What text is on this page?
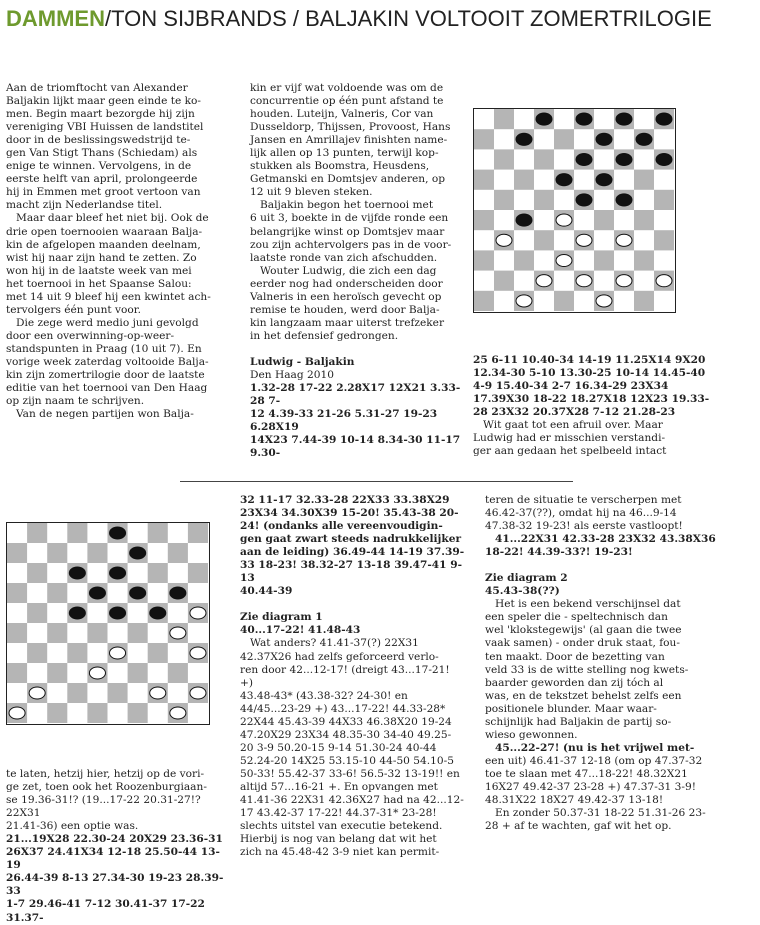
DAMMEN/TON SIJBRANDS / BALJAKIN VOLTOOIT ZOMERTRILOGIE

Aan de triomftocht van Alexander
Baljakin lijkt maar geen einde te ko-
men. Begin maart bezorgde hij zijn
vereniging VBI Huissen de landstitel
door in de beslissingswedstrijd te-
gen Van Stigt Thans (Schiedam) als
enige te winnen. Vervolgens, in de
eerste helft van april, prolongeerde
hij in Emmen met groot vertoon van
macht zijn Nederlandse titel.

Maar daar bleef het niet bij. Ook de
drie open toernooien waaraan Balja-
kin de afgelopen maanden deelnam,
wist hij naar zijn hand te zetten. Zo
won hij in de laatste week van mei
het toernooi in het Spaanse Salou:
met 14 uit 9 bleef hij een kwintet ach-
tervolgers één punt voor.

Die zege werd medio juni gevolgd
door een overwinning-op-weer-
standspunten in Praag (10 uit 7). En
vorige week zaterdag voltooide Balja-
kin zijn zomertrilogie door de laatste
editie van het toernooi van Den Haag
op zijn naam te schrijven.

Van de negen partijen won Balja-

kin er vijf wat voldoende was om de
concurrentie op één punt afstand te
houden. Luteijn, Valneris, Cor van
Dusseldorp, Thijssen, Provoost, Hans
Jansen en Amrillajev finishten name-
lijk allen op 13 punten, terwijl kop-
stukken als Boomstra, Heusdens,
Getmanski en Domtsjev anderen, op
12 uit 9 bleven steken.

Baljakin begon het toernooi met
6 uit 3, boekte in de vijfde ronde een
belangrijke winst op Domtsjev maar
zou zijn achtervolgers pas in de voor-
laatste ronde van zich afschudden.

Wouter Ludwig, die zich een dag
eerder nog had onderscheiden door
Valneris in een heroïsch gevecht op
remise te houden, werd door Balja-
kin langzaam maar uiterst trefzeker
in het defensief gedrongen.

Ludwig - Baljakin

Den Haag 2010

1.32-28 17-22 2.28X17 12X21 3.33-28 7-
12 4.39-33 21-26 5.31-27 19-23 6.28X19
14X23 7.44-39 10-14 8.34-30 11-17 9.30-

25 6-11 10.40-34 14-19 11.25X14 9X20
12.34-30 5-10 13.30-25 10-14 14.45-40
4-9 15.40-34 2-7 16.34-29 23X34
17.39X30 18-22 18.27X18 12X23 19.33-
28 23X32 20.37X28 7-12 21.28-23

Wit gaat tot een afruil over. Maar
Ludwig had er misschien verstandi-
ger aan gedaan het spelbeeld intact

te laten, hetzij hier, hetzij op de vori-
ge zet, toen ook het Roozenburgiaan-
se 19.36-31!? (19...17-22 20.31-27!? 22X31
21.41-36) een optie was.

21...19X28 22.30-24 20X29 23.36-31
26X37 24.41X34 12-18 25.50-44 13-19
26.44-39 8-13 27.34-30 19-23 28.39-33
1-7 29.46-41 7-12 30.41-37 17-22 31.37-

32 11-17 32.33-28 22X33 33.38X29
23X34 34.30X39 15-20! 35.43-38 20-
24! (ondanks alle vereenvoudigin-
gen gaat zwart steeds nadrukkelijker
aan de leiding) 36.49-44 14-19 37.39-
33 18-23! 38.32-27 13-18 39.47-41 9-13
40.44-39

Zie diagram 1

40...17-22! 41.48-43

Wat anders? 41.41-37(?) 22X31
42.37X26 had zelfs geforceerd verlo-
ren door 42...12-17! (dreigt 43...17-21! +)
43.48-43* (43.38-32? 24-30! en
44/45...23-29 +) 43...17-22! 44.33-28*
22X44 45.43-39 44X33 46.38X20 19-24
47.20X29 23X34 48.35-30 34-40 49.25-
20 3-9 50.20-15 9-14 51.30-24 40-44
52.24-20 14X25 53.15-10 44-50 54.10-5
50-33! 55.42-37 33-6! 56.5-32 13-19!! en
altijd 57...16-21 +. En opvangen met
41.41-36 22X31 42.36X27 had na 42...12-
17 43.42-37 17-22! 44.37-31* 23-28!
slechts uitstel van executie betekend.
Hierbij is nog van belang dat wit het
zich na 45.48-42 3-9 niet kan permit-

teren de situatie te verscherpen met
46.42-37(??), omdat hij na 46...9-14
47.38-32 19-23! als eerste vastloopt!

41...22X31 42.33-28 23X32 43.38X36
18-22! 44.39-33?! 19-23!

Zie diagram 2

45.43-38(??)

Het is een bekend verschijnsel dat
een speler die - speltechnisch dan
wel 'klokstegewijs' (al gaan die twee
vaak samen) - onder druk staat, fou-
ten maakt. Door de bezetting van
veld 33 is de witte stelling nog kwets-
baarder geworden dan zij tóch al
was, en de tekstzet behelst zelfs een
positionele blunder. Maar waar-
schijnlijk had Baljakin de partij so-
wieso gewonnen.

45...22-27! (nu is het vrijwel met-
een uit) 46.41-37 12-18 (om op 47.37-32
toe te slaan met 47...18-22! 48.32X21
16X27 49.42-37 23-28 +) 47.37-31 3-9!
48.31X22 18X27 49.42-37 13-18!

En zonder 50.37-31 18-22 51.31-26 23-
28 + af te wachten, gaf wit het op.
